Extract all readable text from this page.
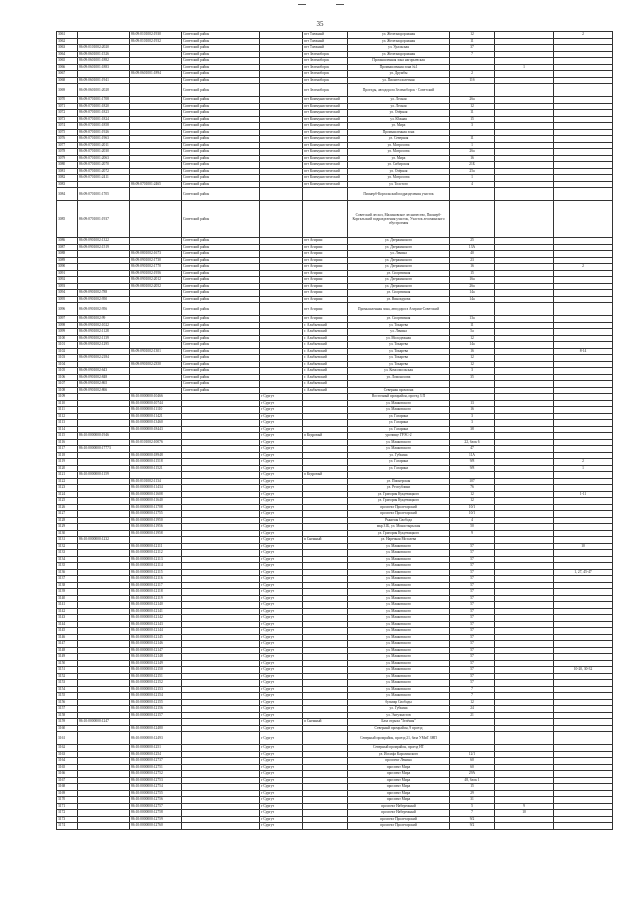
35
3061		86:09:0101002:1930	Советский район		пгт Таежный	ул. Железнодорожная	12		2
3062		86:09:0101002:1932	Советский район		пгт Таежный	ул. Железнодорожная	11		
3063	86:09:0101002:2020		Советский район		пгт Таежный	ул. Уральская	37		
3064	86:09:0601001:1526		Советский район		пгт Зеленоборск	ул. Железнодорожная	7		
3065	86:09:0601001:1882		Советский район		пгт Зеленоборск	Промышленная зона нагорьевская			
3066	86:09:0601001:1883		Советский район		пгт Зеленоборск	Промышленная зона №1		1	
3067		86:09:0601001:1894	Советский район		пгт Зеленоборск	ул. Дружбы	2		
3068	86:09:0601001:1941		Советский район		пгт Зеленоборск	ул. Пионтеллолетняя	11б		
3069	86:09:0601001:2028		Советский район		пгт Зеленоборск	Проезды, автодорога Зеленоборск - Советский			
3070	86:09:0701001:1708		Советский район		пгт Коммунистический	ул. Лесная	26а		
3071	86:09:0701001:1820		Советский район		пгт Коммунистический	ул. Лесная	12		
3072	86:09:0701001:1823		Советский район		пгт Коммунистический	ул. Озёрная	11		
3073	86:09:0701001:1824		Советский район		пгт Коммунистический	ул. Южная	15		
3074	86:09:0701001:1858		Советский район		пгт Коммунистический	ул. Мира	3		
3075	86:09:0701001:1926		Советский район		пгт Коммунистический	Промышленная зона			
3076	86:09:0701001:1963		Советский район		пгт Коммунистический	ул. Северная	11		
3077	86:09:0701001:2011		Советский район		пгт Коммунистический	ул. Матросова	1		
3078	86:09:0701001:2030		Советский район		пгт Коммунистический	ул. Матросова	26а		
3079	86:09:0701001:2063		Советский район		пгт Коммунистический	ул. Мира	16		
3080	86:09:0701001:2070		Советский район		пгт Коммунистический	ул. Сибирская	21Б		
3081	86:09:0701001:2072		Советский район		пгт Коммунистический	ул. Озёрная	25а		
3082	86:09:0701001:2411		Советский район		пгт Коммунистический	ул. Матросова	1		
3083		86:09:0701001:2465	Советский район		пгт Коммунистический	ул. Толстого	4		
3084	86:09:0701001:1705		Советский район			Пионерб-Коргальский подразделения участок			
3085	86:09:0701001:1937		Советский район			Советский лесхоз, Малиновское лесничество, Пионерб-Коргальский подразделения участок, Участок лесоминского обустроения			
3086	86:09:0901002:1322		Советский район		пгт Агириш	ул. Дзержинского	25		
3087	86:09:0901002:1519		Советский район		пгт Агириш	ул. Дзержинского	13А		
3088		86:09:0801002:1673	Советский район		пгт Агириш	ул. Ленина	40		
3089		86:09:0901002:1730	Советский район		пгт Агириш	ул. Дзержинского	23		
3090		86:09:0901002:1770	Советский район		пгт Агириш	ул. Дзержинского	16		2
3091		86:09:0901002:1956	Советский район		пгт Агириш	ул. Спортивная	15		
3092		86:09:0901002:2012	Советский район		пгт Агириш	ул. Дзержинского	16а		
3093		86:09:0801002:2052	Советский район		пгт Агириш	ул. Дзержинского	26а		
3094	86:09:0901002:788		Советский район		пгт Агириш	ул. Спортивная	14а		
3095	86:09:0901002:950		Советский район		пгт Агириш	ул. Винокурова	14а		
3096	86:09:0901002:956		Советский район		пгт Агириш	Промышленная зона, автодорога Агириш-Советский			
3097	86:09:0801002:99		Советский район		пгт Агириш	ул. Спортивная	13а		
3098	86:09:0901002:1022		Советский район		г. Алябьевский	ул. Токарева	11		
3099	86:09:0901002:1128		Советский район		г. Алябьевский	ул. Ленина	5а		
3100	86:09:0901002:1139		Советский район		г. Алябьевский	ул. Молодежная	12		
3101	86:09:0901002:1295		Советский район		г. Алябьевский	ул. Токарева	14а		
3102		86:09:0901002:1301	Советский район		г. Алябьевский	ул. Токарева	16		8-14
3103	86:09:0901002:2184		Советский район		г. Алябьевский	ул. Токарева	12		
3104		86:09:0901002:2350	Советский район		г. Алябьевский	ул. Токарева	12		
3105	86:09:0901002:643		Советский район		г. Алябьевский	ул. Комсомольская	3		
3106	86:09:0901002:848		Советский район		г. Алябьевский	ул. Ломоносова	35		
3107	86:09:0901002:865		Советский район		г. Алябьевский				
3108	86:09:0901002:866		Советский район		г. Алябьевский	Северная промзона			
3109		86:10:0000000:10466		г Сургут		Восточный промрайон, проезд 3 П			
3110		86:10:0000000:10744		г Сургут		ул. Маяковского	13		
3111		86:10:0000000:11110		г Сургут		ул. Маяковского	16		
3112		86:10:0000000:11421		г Сургут		ул. Гагарина	3		
3113		86:10:0000000:13460		г Сургут		ул. Гагарина	3		
3114		86:10:0000000:18443		г Сургут		ул. Гагарина	38		
3115	86:10:0000000:1946			г Сургут	п Кедровый	урочище ГРЭС-2			
3116		86:10:0101002:10076		г Сургут		ул. Маяковского	22, блок 6		
3117	86:10:0000000:17773			г Сургут		ул. Маяковского	47		
3118		86:10:0000000:18948		г Сургут		ул. Губкина	11А		
3119		86:10:0000000:11518		г Сургут		ул. Гагарина	9/8		2
3120		86:10:0000000:11521		г Сургут		ул. Гагарина	9/8		1
3121	86:10:0000000:1159			г Сургут	п Кедровый				
3122		86:10:0101002:1134		г Сургут		ул. Пионерская	107		
3123		86:10:0000000:11434		г Сургут		ул. Республики	76		
3124		86:10:0000000:11608		г Сургут		ул. Григория Кукуевицкого	12		1-11
3125		86:10:0000000:11640		г Сургут		ул. Григория Кукуевицкого	12		
3126		86:10:0000000:11708		г Сургут		проспект Пролетарский	10/1		
3127		86:10:0000000:11755		г Сургут		проспект Пролетарский	10/1		
3128		86:10:0000000:11950		г Сургут		Рыночая Свобода	4		
3129		86:10:0000000:11956		г Сургут		мкр 31Б, ул. Монастырьская	50		
3130		86:10:0000000:11958		г Сургут		ул. Григория Кукуевицкого	9		
3131	86:10:0000000:1232			г Сургут	п Снежный	ул. Наречная Мозолева			
3132		86:10:0000000:12111		г Сургут		ул. Маяковского	57		10
3133		86:10:0000000:12112		г Сургут		ул. Маяковского	57		
3134		86:10:0000000:12113		г Сургут		ул. Маяковского	57		
3135		86:10:0000000:12114		г Сургут		ул. Маяковского	57		
3136		86:10:0000000:12115		г Сургут		ул. Маяковского	57		1, 27, 45-47
3137		86:10:0000000:12116		г Сургут		ул. Маяковского	57		
3138		86:10:0000000:12117		г Сургут		ул. Маяковского	57		
3139		86:10:0000000:12118		г Сургут		ул. Маяковского	57		
3140		86:10:0000000:12119		г Сургут		ул. Маяковского	57		
3141		86:10:0000000:12140		г Сургут		ул. Маяковского	57		
3142		86:10:0000000:12141		г Сургут		ул. Маяковского	57		
3143		86:10:0000000:12142		г Сургут		ул. Маяковского	57		
3144		86:10:0000000:12143		г Сургут		ул. Маяковского	57		
3145		86:10:0000000:12144		г Сургут		ул. Маяковского	57		
3146		86:10:0000000:12145		г Сургут		ул. Маяковского	57		
3147		86:10:0000000:12146		г Сургут		ул. Маяковского	57		
3148		86:10:0000000:12147		г Сургут		ул. Маяковского	57		
3149		86:10:0000000:12148		г Сургут		ул. Маяковского	57		
3150		86:10:0000000:12149		г Сургут		ул. Маяковского	57		
3151		86:10:0000000:12150		г Сургут		ул. Маяковского	57		10-20, 30-32
3152		86:10:0000000:12151		г Сургут		ул. Маяковского	57		
3153		86:10:0000000:12152		г Сургут		ул. Маяковского	57		
3154		86:10:0000000:12153		г Сургут		ул. Маяковского	7		
3155		86:10:0000000:12154		г Сургут		ул. Маяковского	7		
3156		86:10:0000000:12155		г Сургут		бульвар Свободы	12		
3157		86:10:0000000:12156		г Сургут		ул. Губкина	24		
3158		86:10:0000000:12157		г Сургут		ул. Энтузиастов	21		
3159	86:10:0000000:1247			г Сургут	п Снежный	База отдыха "Зелёная"			
3160		86:10:0000000:12480		г Сургут		Северный промрайон, 9 проезд			
3161		86:10:0000000:12493		г Сургут		Северный промрайон, проезд 21, база УМиТ ЗНП			
3162		86:10:0000000:1251		г Сургут		Северный промрайон, проезд НТ			
3163		86:10:0000000:1254		г Сургут		ул. Иосифа Каролинского	12/1		
3164		86:10:0000000:12737		г Сургут		проспект Ленина	60		
3165		86:10:0000000:12751		г Сургут		проспект Мира	60		
3166		86:10:0000000:12752		г Сургут		проспект Мира	29А		
3167		86:10:0000000:12753		г Сургут		проспект Мира	48, блок 1		
3168		86:10:0000000:12754		г Сургут		проспект Мира	15		
3169		86:10:0000000:12755		г Сургут		проспект Мира	29		
3170		86:10:0000000:12756		г Сургут		проспект Мира	31		
3171		86:10:0000000:12757		г Сургут		проспект Набережный	5	9	
3172		86:10:0000000:12758		г Сургут		проспект Набережный	7	10	
3173		86:10:0000000:12759		г Сургут		проспект Пролетарский	9/2		
3174		86:10:0000000:12760		г Сургут		проспект Пролетарский	9/2		
